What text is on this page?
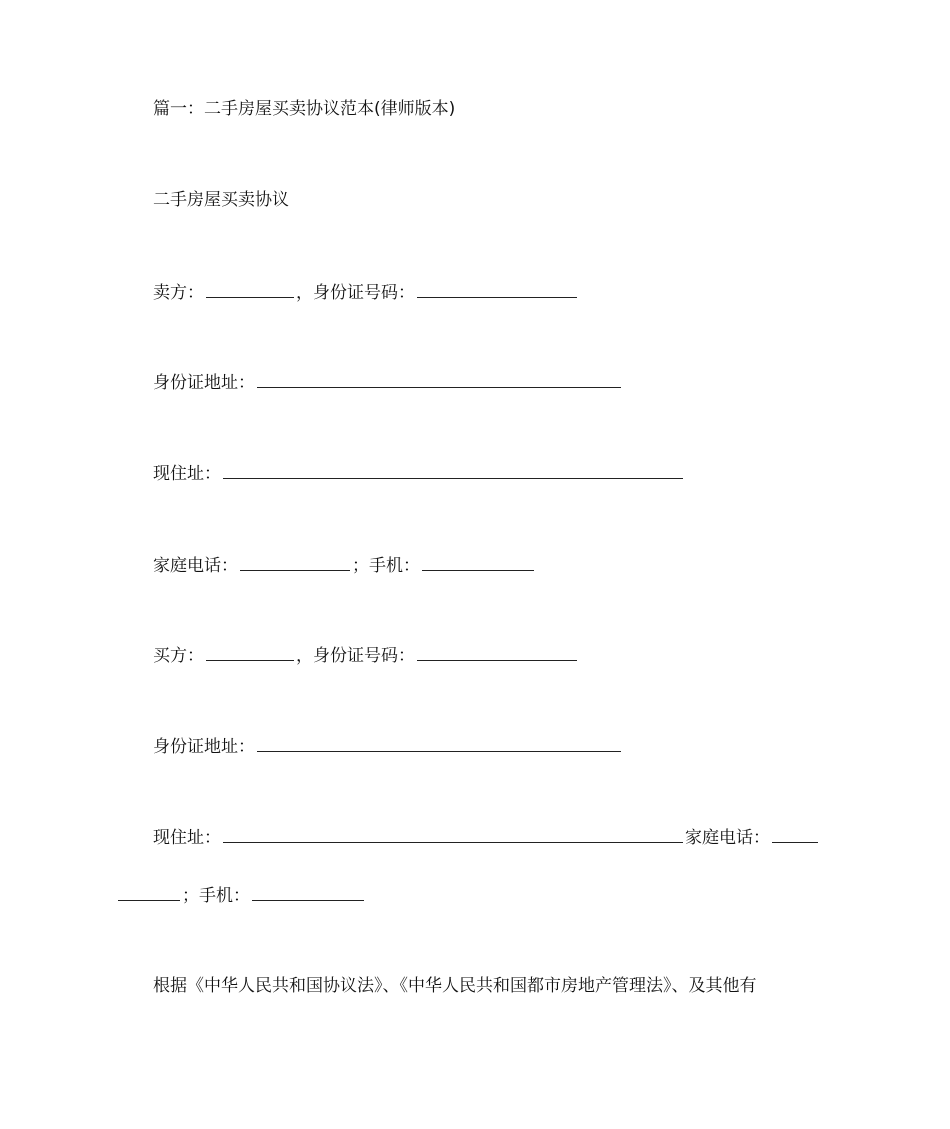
篇一：二手房屋买卖协议范本(律师版本)
二手房屋买卖协议
卖方：	，身份证号码：
身份证地址：
现住址：
家庭电话：	；手机：
买方：	，身份证号码：
身份证地址：
现住址：	家庭电话：
；手机：
根据《中华人民共和国协议法》、《中华人民共和国都市房地产管理法》、及其他有
